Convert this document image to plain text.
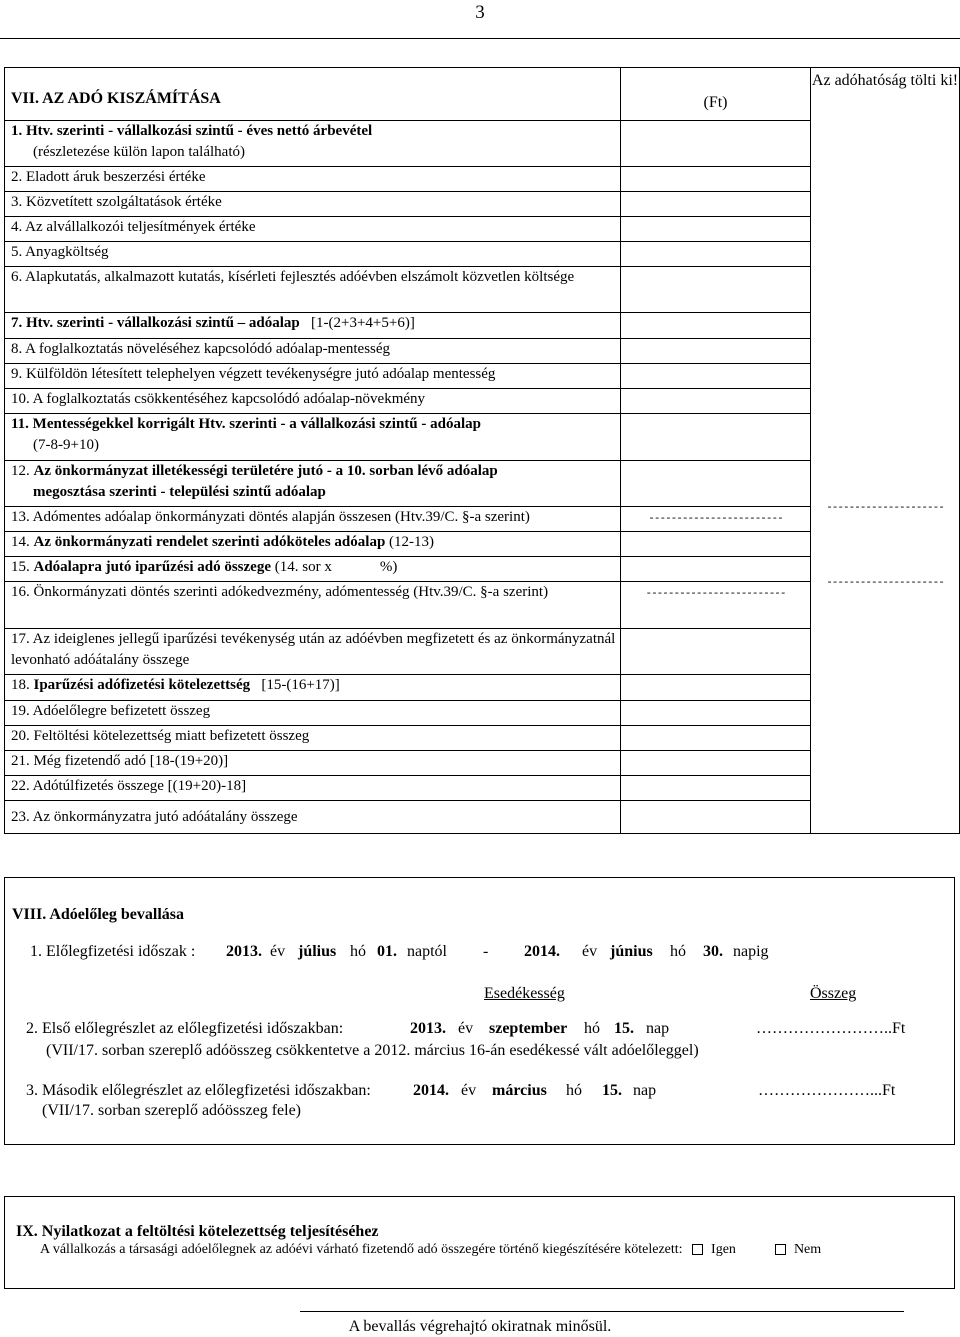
3
VII. AZ ADÓ KISZÁMÍTÁSA	(Ft)	Az adóhatóság tölti ki!

1. Htv. szerinti - vállalkozási szintű - éves nettó árbevétel
(részletezése külön lapon található)		
2. Eladott áruk beszerzési értéke		
3. Közvetített szolgáltatások értéke		
4. Az alvállalkozói teljesítmények értéke		
5. Anyagköltség		
6. Alapkutatás, alkalmazott kutatás, kísérleti fejlesztés adóévben elszámolt közvetlen költsége		
7. Htv. szerinti - vállalkozási szintű – adóalap [1-(2+3+4+5+6)]		
8. A foglalkoztatás növeléséhez kapcsolódó adóalap-mentesség		
9. Külföldön létesített telephelyen végzett tevékenységre jutó adóalap mentesség		
10. A foglalkoztatás csökkentéséhez kapcsolódó adóalap-növekmény		
11. Mentességekkel korrigált Htv. szerinti - a vállalkozási szintű - adóalap
(7-8-9+10)		
12. Az önkormányzat illetékességi területére jutó - a 10. sorban lévő adóalap
megosztása szerinti - települési szintű adóalap		
13. Adómentes adóalap önkormányzati döntés alapján összesen (Htv.39/C. §-a szerint)	------------------------	

14. Az önkormányzati rendelet szerinti adóköteles adóalap (12-13)		
15. Adóalapra jutó iparűzési adó összege (14. sor x %)		
16. Önkormányzati döntés szerinti adókedvezmény, adómentesség (Htv.39/C. §-a szerint)	-------------------------	

17. Az ideiglenes jellegű iparűzési tevékenység után az adóévben megfizetett és az önkormányzatnál levonható adóátalány összege		
18. Iparűzési adófizetési kötelezettség [15-(16+17)]		
19. Adóelőlegre befizetett összeg		
20. Feltöltési kötelezettség miatt befizetett összeg		
21. Még fizetendő adó [18-(19+20)]		
22. Adótúlfizetés összege [(19+20)-18]		
23. Az önkormányzatra jutó adóátalány összege		
---------------------
---------------------
VIII. Adóelőleg bevallása
1. Előlegfizetési időszak : 2013. év július hó 01. naptól - 2014. év június hó 30. napig
Esedékesség	Összeg
2. Első előlegrészlet az előlegfizetési időszakban:	2013. év szeptember hó 15. nap	……………………..Ft
(VII/17. sorban szereplő adóösszeg csökkentetve a 2012. március 16-án esedékessé vált adóelőleggel)
3. Második előlegrészlet az előlegfizetési időszakban:	2014. év március hó 15. nap	…………………...Ft
(VII/17. sorban szereplő adóösszeg fele)
IX. Nyilatkozat a feltöltési kötelezettség teljesítéséhez
A vállalkozás a társasági adóelőlegnek az adóévi várható fizetendő adó összegére történő kiegészítésére kötelezett: Igen	Nem
A bevallás végrehajtó okiratnak minősül.
